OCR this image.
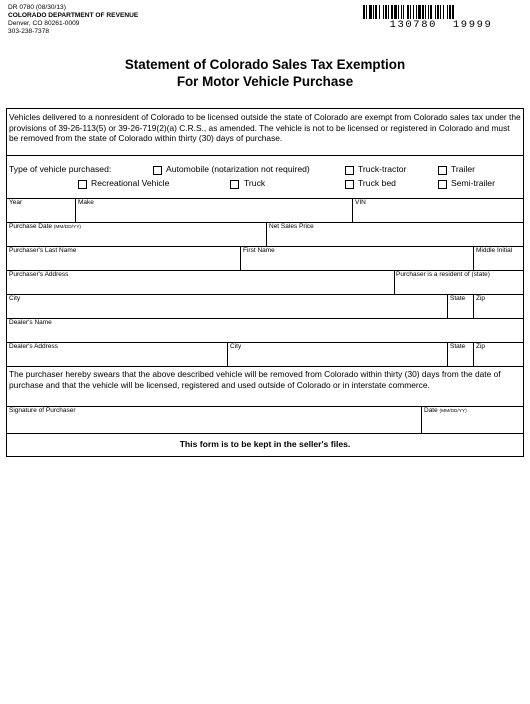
DR 0780 (08/30/13)
COLORADO DEPARTMENT OF REVENUE
Denver, CO 80261-0009
303-238-7378
130780 19999
Statement of Colorado Sales Tax Exemption
For Motor Vehicle Purchase
Vehicles delivered to a nonresident of Colorado to be licensed outside the state of Colorado are exempt from Colorado sales tax under the provisions of 39-26-113(5) or 39-26-719(2)(a) C.R.S., as amended. The vehicle is not to be licensed or registered in Colorado and must be removed from the state of Colorado within thirty (30) days of purchase.
Type of vehicle purchased:	Automobile (notarization not required)	Truck-tractor	Trailer
Recreational Vehicle	Truck	Truck bed	Semi-trailer
Year	Make	VIN
Purchase Date (MM/DD/YY)	Net Sales Price
Purchaser's Last Name	First Name	Middle Initial
Purchaser's Address	Purchaser is a resident of (state)
City	State Zip
Dealer's Name
Dealer's Address	City	State Zip
The purchaser hereby swears that the above described vehicle will be removed from Colorado within thirty (30) days from the date of purchase and that the vehicle will be licensed, registered and used outside of Colorado or in interstate commerce.
Signature of Purchaser	Date (MM/DD/YY)
This form is to be kept in the seller's files.
